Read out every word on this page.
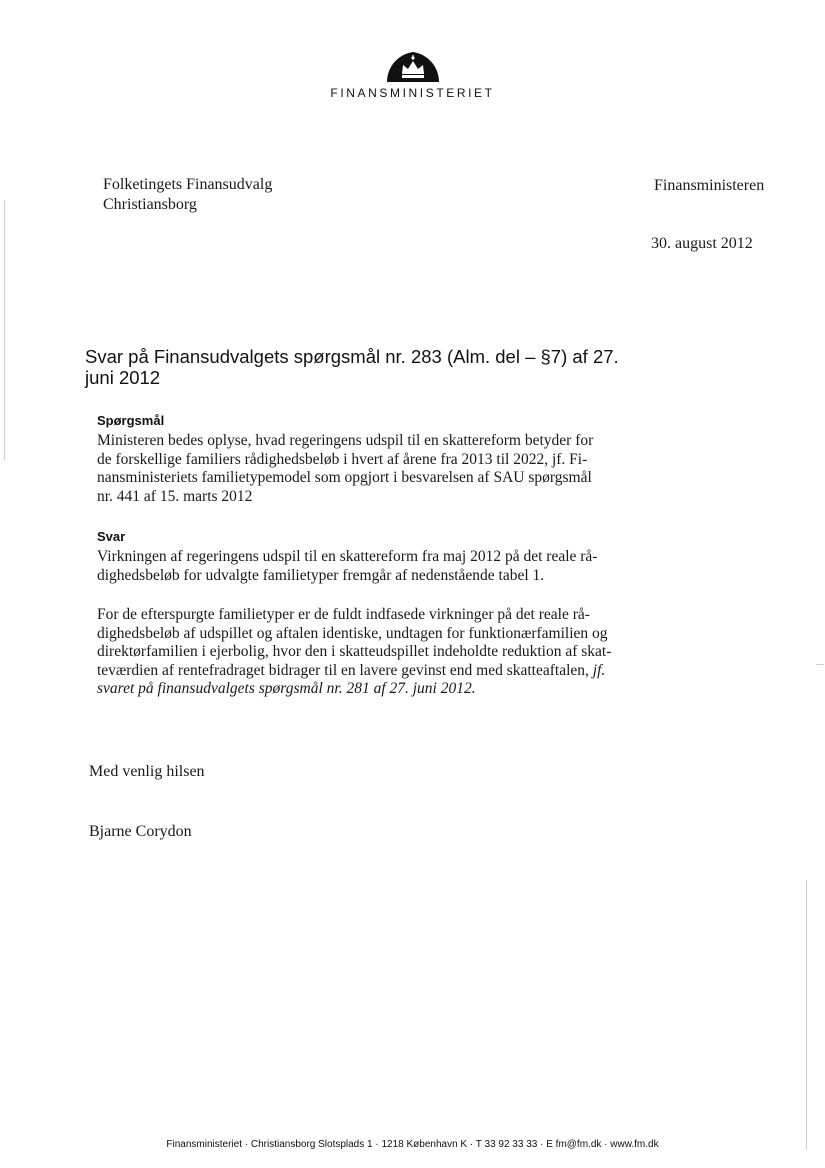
FINANSMINISTERIET
Folketingets Finansudvalg
Christiansborg
Finansministeren
30. august 2012
Svar på Finansudvalgets spørgsmål nr. 283 (Alm. del – §7) af 27. juni 2012
Spørgsmål
Ministeren bedes oplyse, hvad regeringens udspil til en skattereform betyder for
de forskellige familiers rådighedsbeløb i hvert af årene fra 2013 til 2022, jf. Fi-
nansministeriets familietypemodel som opgjort i besvarelsen af SAU spørgsmål
nr. 441 af 15. marts 2012
Svar
Virkningen af regeringens udspil til en skattereform fra maj 2012 på det reale rå-
dighedsbeløb for udvalgte familietyper fremgår af nedenstående tabel 1.
For de efterspurgte familietyper er de fuldt indfasede virkninger på det reale rå-
dighedsbeløb af udspillet og aftalen identiske, undtagen for funktionærfamilien og
direktørfamilien i ejerbolig, hvor den i skatteudspillet indeholdte reduktion af skat-
teværdien af rentefradraget bidrager til en lavere gevinst end med skatteaftalen, jf.
svaret på finansudvalgets spørgsmål nr. 281 af 27. juni 2012.
Med venlig hilsen
Bjarne Corydon
Finansministeriet · Christiansborg Slotsplads 1 · 1218 København K · T 33 92 33 33 · E fm@fm.dk · www.fm.dk
